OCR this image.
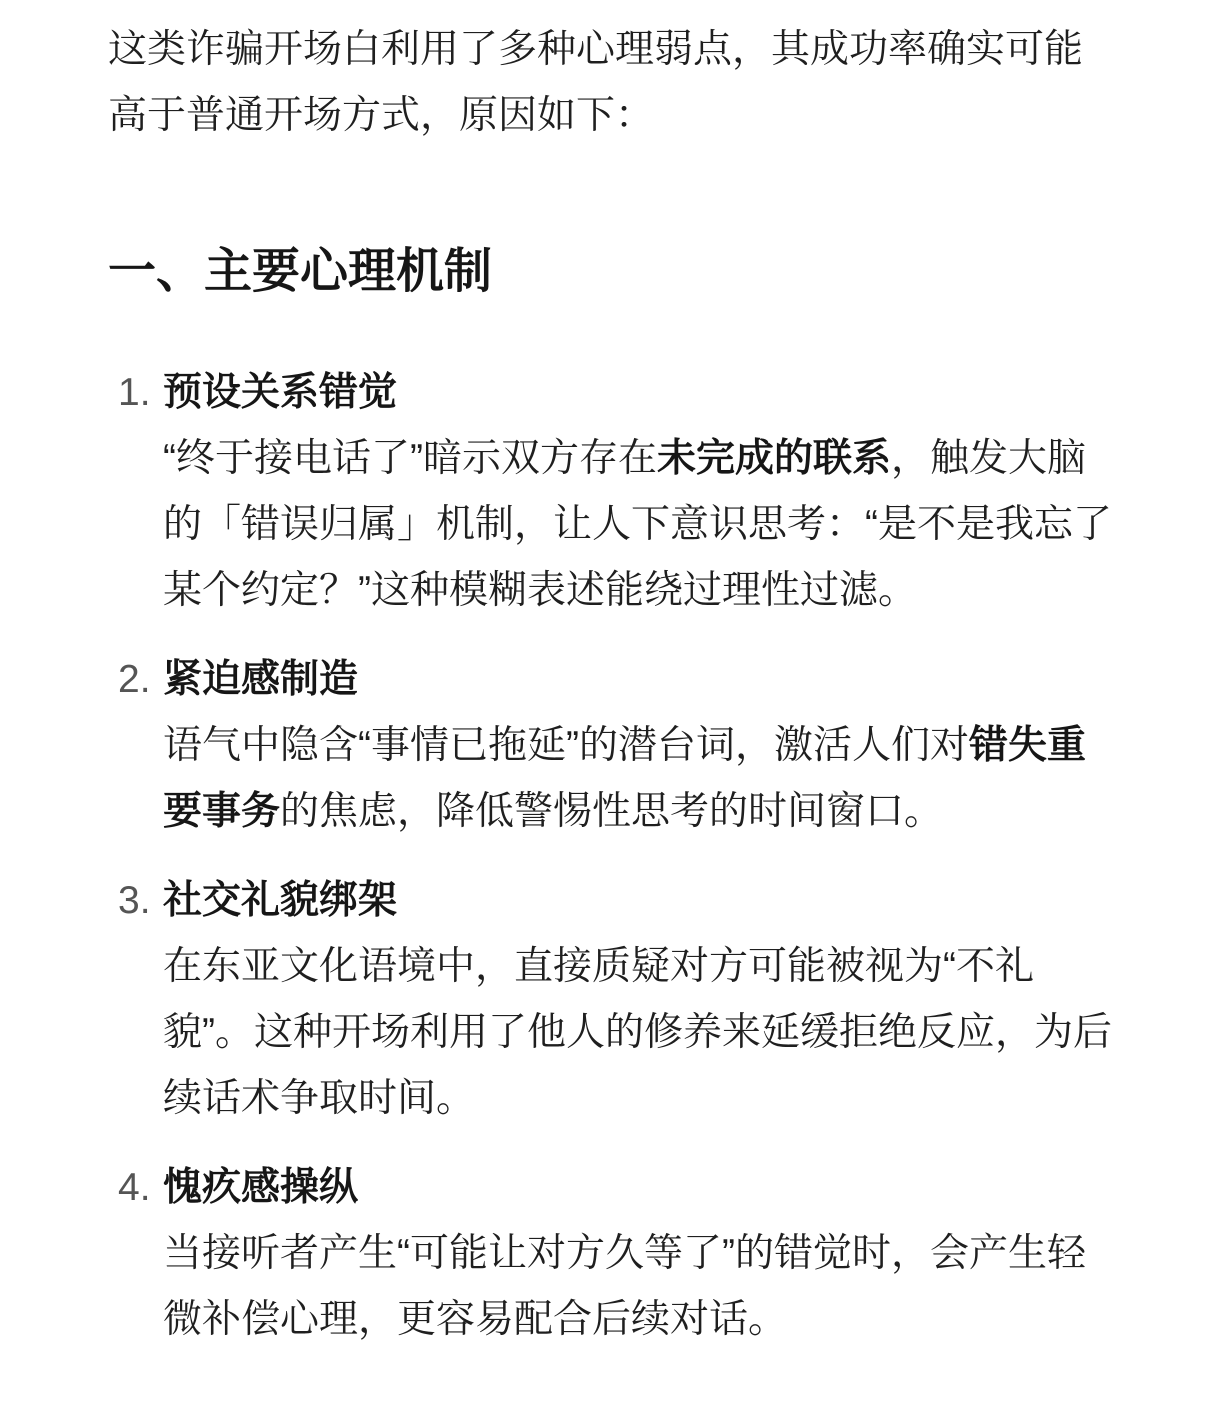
这类诈骗开场白利用了多种心理弱点，其成功率确实可能高于普通开场方式，原因如下：

一、主要心理机制
1. 预设关系错觉

“终于接电话了”暗示双方存在未完成的联系，触发大脑的「错误归属」机制，让人下意识思考：“是不是我忘了某个约定？”这种模糊表述能绕过理性过滤。

2. 紧迫感制造

语气中隐含“事情已拖延”的潜台词，激活人们对错失重要事务的焦虑，降低警惕性思考的时间窗口。

3. 社交礼貌绑架

在东亚文化语境中，直接质疑对方可能被视为“不礼貌”。这种开场利用了他人的修养来延缓拒绝反应，为后续话术争取时间。

4. 愧疚感操纵

当接听者产生“可能让对方久等了”的错觉时，会产生轻微补偿心理，更容易配合后续对话。
